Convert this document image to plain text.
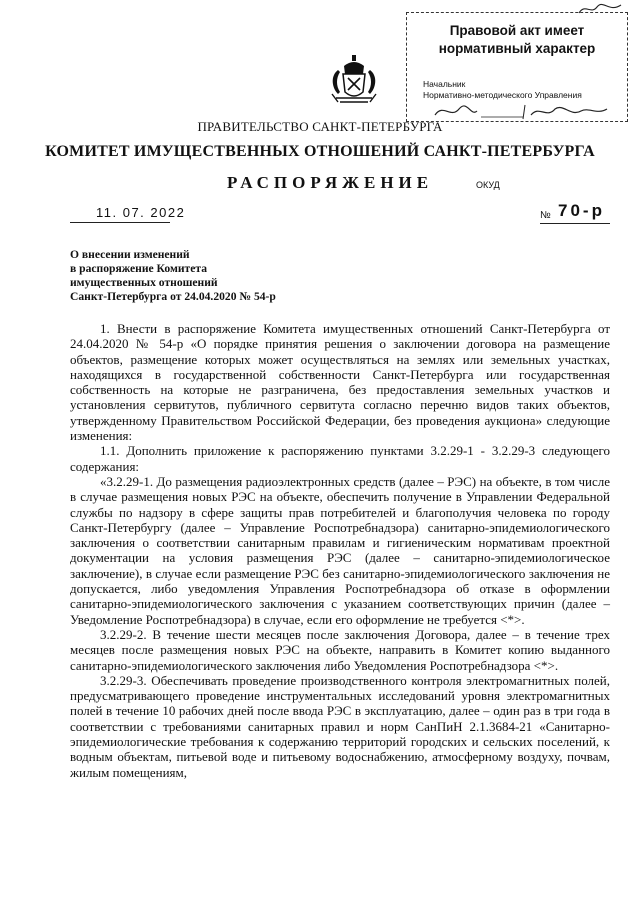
Правовой акт имеет
нормативный характер
Начальник
Нормативно-методического Управления
ПРАВИТЕЛЬСТВО САНКТ-ПЕТЕРБУРГА
КОМИТЕТ ИМУЩЕСТВЕННЫХ ОТНОШЕНИЙ САНКТ-ПЕТЕРБУРГА
РАСПОРЯЖЕНИЕ	ОКУД
11. 07. 2022	№ 70-р
О внесении изменений
в распоряжение Комитета
имущественных отношений
Санкт-Петербурга от 24.04.2020 № 54-р

1. Внести в распоряжение Комитета имущественных отношений Санкт-Петербурга от 24.04.2020 № 54-р «О порядке принятия решения о заключении договора на размещение объектов, размещение которых может осуществляться на землях или земельных участках, находящихся в государственной собственности Санкт-Петербурга или государственная собственность на которые не разграничена, без предоставления земельных участков и установления сервитутов, публичного сервитута согласно перечню видов таких объектов, утвержденному Правительством Российской Федерации, без проведения аукциона» следующие изменения:

1.1. Дополнить приложение к распоряжению пунктами 3.2.29-1 - 3.2.29-3 следующего содержания:

«3.2.29-1. До размещения радиоэлектронных средств (далее – РЭС) на объекте, в том числе в случае размещения новых РЭС на объекте, обеспечить получение в Управлении Федеральной службы по надзору в сфере защиты прав потребителей и благополучия человека по городу Санкт-Петербургу (далее – Управление Роспотребнадзора) санитарно-эпидемиологического заключения о соответствии санитарным правилам и гигиеническим нормативам проектной документации на условия размещения РЭС (далее – санитарно-эпидемиологическое заключение), в случае если размещение РЭС без санитарно-эпидемиологического заключения не допускается, либо уведомления Управления Роспотребнадзора об отказе в оформлении санитарно-эпидемиологического заключения с указанием соответствующих причин (далее – Уведомление Роспотребнадзора) в случае, если его оформление не требуется <*>.

3.2.29-2. В течение шести месяцев после заключения Договора, далее – в течение трех месяцев после размещения новых РЭС на объекте, направить в Комитет копию выданного санитарно-эпидемиологического заключения либо Уведомления Роспотребнадзора <*>.

3.2.29-3. Обеспечивать проведение производственного контроля электромагнитных полей, предусматривающего проведение инструментальных исследований уровня электромагнитных полей в течение 10 рабочих дней после ввода РЭС в эксплуатацию, далее – один раз в три года в соответствии с требованиями санитарных правил и норм СанПиН 2.1.3684-21 «Санитарно-эпидемиологические требования к содержанию территорий городских и сельских поселений, к водным объектам, питьевой воде и питьевому водоснабжению, атмосферному воздуху, почвам, жилым помещениям,
